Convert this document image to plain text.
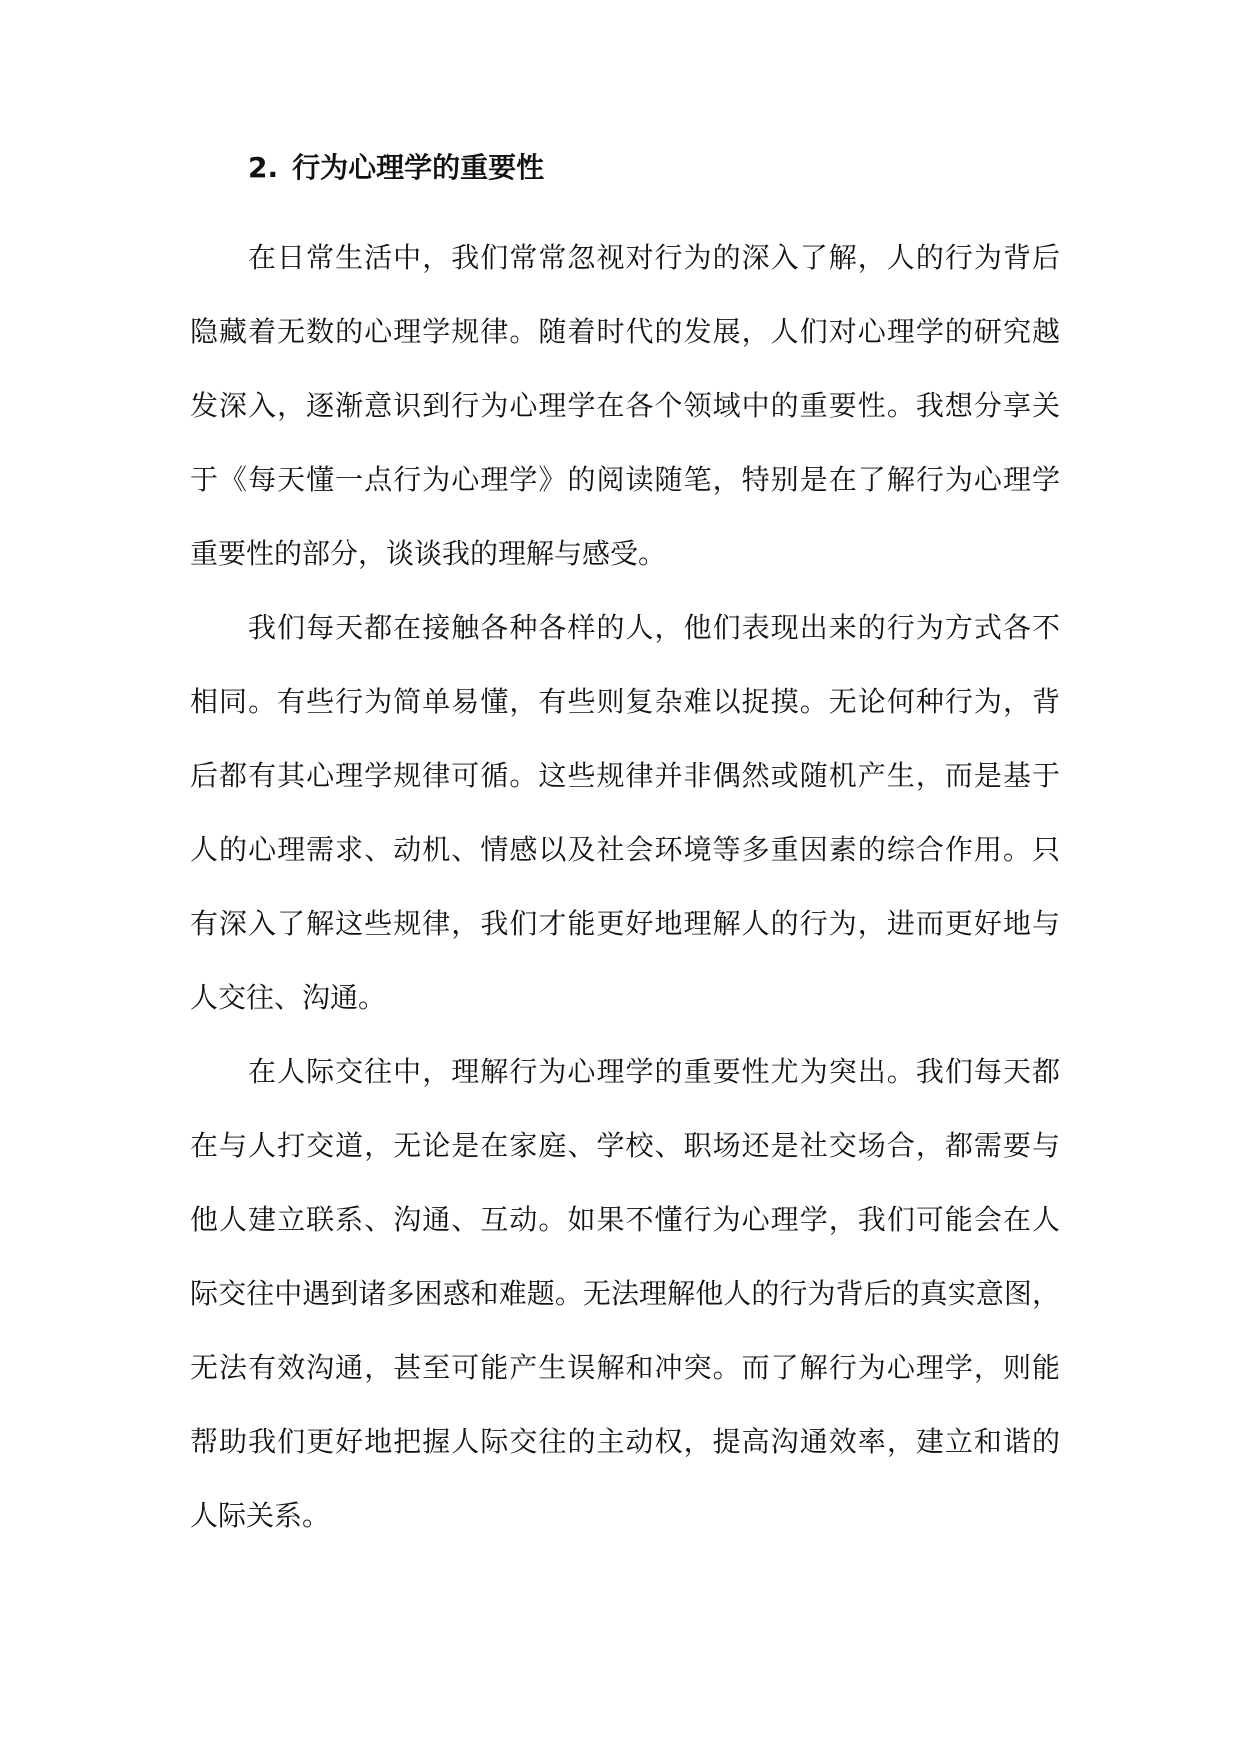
2. 行为心理学的重要性

在日常生活中，我们常常忽视对行为的深入了解，人的行为背后
隐藏着无数的心理学规律。随着时代的发展，人们对心理学的研究越
发深入，逐渐意识到行为心理学在各个领域中的重要性。我想分享关
于《每天懂一点行为心理学》的阅读随笔，特别是在了解行为心理学
重要性的部分，谈谈我的理解与感受。

我们每天都在接触各种各样的人，他们表现出来的行为方式各不
相同。有些行为简单易懂，有些则复杂难以捉摸。无论何种行为，背
后都有其心理学规律可循。这些规律并非偶然或随机产生，而是基于
人的心理需求、动机、情感以及社会环境等多重因素的综合作用。只
有深入了解这些规律，我们才能更好地理解人的行为，进而更好地与
人交往、沟通。

在人际交往中，理解行为心理学的重要性尤为突出。我们每天都
在与人打交道，无论是在家庭、学校、职场还是社交场合，都需要与
他人建立联系、沟通、互动。如果不懂行为心理学，我们可能会在人
际交往中遇到诸多困惑和难题。无法理解他人的行为背后的真实意图，
无法有效沟通，甚至可能产生误解和冲突。而了解行为心理学，则能
帮助我们更好地把握人际交往的主动权，提高沟通效率，建立和谐的
人际关系。
